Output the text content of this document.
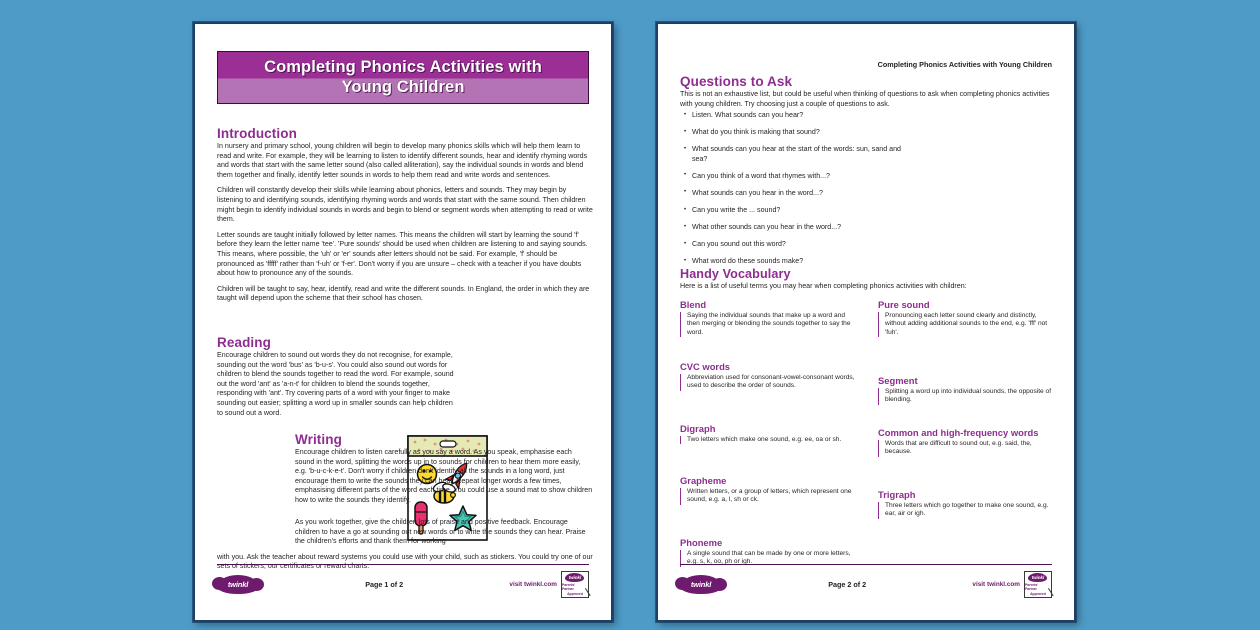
Completing Phonics Activities with
Young Children
Introduction

In nursery and primary school, young children will begin to develop many phonics skills which will help them learn to read and write. For example, they will be learning to listen to identify different sounds, hear and identify rhyming words and words that start with the same letter sound (also called alliteration), say the individual sounds in words and blend them together and finally, identify letter sounds in words to help them read and write words and sentences.

Children will constantly develop their skills while learning about phonics, letters and sounds. They may begin by listening to and identifying sounds, identifying rhyming words and words that start with the same sound. Then children might begin to identify individual sounds in words and begin to blend or segment words when attempting to read or write them.

Letter sounds are taught initially followed by letter names. This means the children will start by learning the sound 'f' before they learn the letter name 'tee'. 'Pure sounds' should be used when children are listening to and saying sounds. This means, where possible, the 'uh' or 'er' sounds after letters should not be said. For example, 'f' should be pronounced as 'fffff' rather than 'f-uh' or 'f-er'. Don't worry if you are unsure – check with a teacher if you have doubts about how to pronounce any of the sounds.

Children will be taught to say, hear, identify, read and write the different sounds. In England, the order in which they are taught will depend upon the scheme that their school has chosen.

Reading

Encourage children to sound out words they do not recognise, for example, sounding out the word 'bus' as 'b-u-s'. You could also sound out words for children to blend the sounds together to read the word. For example, sound out the word 'ant' as 'a-n-t' for children to blend the sounds together, responding with 'ant'. Try covering parts of a word with your finger to make sounding out easier; splitting a word up in smaller sounds can help children to sound out a word.

Writing

Encourage children to listen carefully as you say a word. As you speak, emphasise each sound in the word, splitting the words up in to sounds for children to hear them more easily, e.g. 'b-u-c-k-e-t'. Don't worry if children don't identify all the sounds in a long word, just encourage them to write the sounds they can hear. Repeat longer words a few times, emphasising different parts of the word each time. You could use a sound mat to show children how to write the sounds they identify.

As you work together, give the children lots of praise and positive feedback. Encourage children to have a go at sounding out new words or to write the sounds they can hear. Praise the children's efforts and thank them for working

with you. Ask the teacher about reward systems you could use with your child, such as stickers. You could try one of our sets of stickers, our certificates or reward charts.

twinkl	Page 1 of 2	visit twinkl.com
twinkl
Parents' Partner
Approved
Completing Phonics Activities with Young Children
Questions to Ask

This is not an exhaustive list, but could be useful when thinking of questions to ask when completing phonics activities with young children. Try choosing just a couple of questions to ask.

• Listen. What sounds can you hear?
• What do you think is making that sound?
• What sounds can you hear at the start of the words: sun, sand and sea?
• Can you think of a word that rhymes with...?
• What sounds can you hear in the word...?
• Can you write the ... sound?
• What other sounds can you hear in the word...?
• Can you sound out this word?
• What word do these sounds make?
Handy Vocabulary

Here is a list of useful terms you may hear when completing phonics activities with children:

Blend

Saying the individual sounds that make up a word and then merging or blending the sounds together to say the word.

CVC words

Abbreviation used for consonant-vowel-consonant words, used to describe the order of sounds.

Digraph

Two letters which make one sound, e.g. ee, oa or sh.

Grapheme

Written letters, or a group of letters, which represent one sound, e.g. a, l, sh or ck.

Phoneme

A single sound that can be made by one or more letters, e.g. s, k, oo, ph or igh.

Pure sound

Pronouncing each letter sound clearly and distinctly, without adding additional sounds to the end, e.g. 'fff' not 'fuh'.

Segment

Splitting a word up into individual sounds, the opposite of blending.

Common and high-frequency words

Words that are difficult to sound out, e.g. said, the, because.

Trigraph

Three letters which go together to make one sound, e.g. ear, air or igh.

twinkl	Page 2 of 2	visit twinkl.com
twinkl
Parents' Partner
Approved
